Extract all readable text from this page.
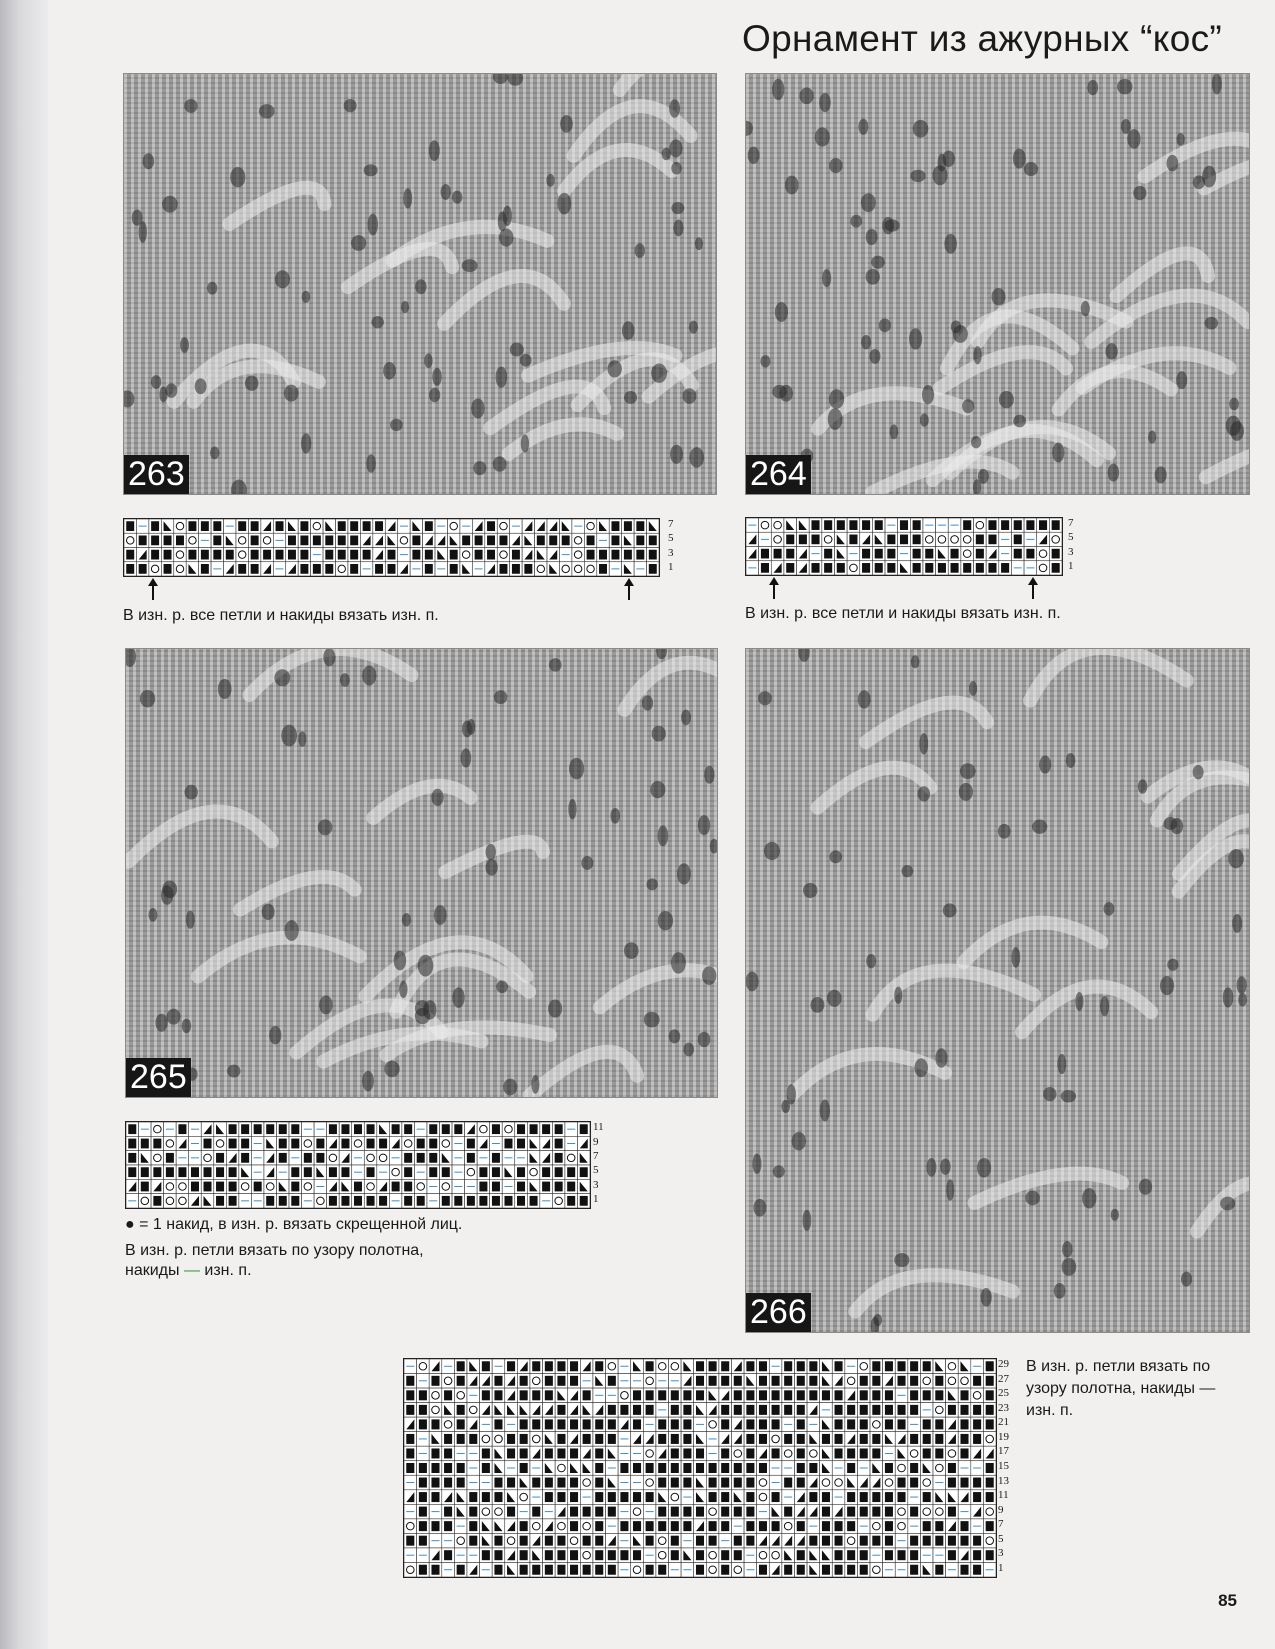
Орнамент из ажурных “кос”
263
7
5
3
1
В изн. р. все петли и накиды вязать изн. п.
264
7
5
3
1
В изн. р. все петли и накиды вязать изн. п.
265
11
9
7
5
3
1
● = 1 накид, в изн. р. вязать скрещенной лиц.
В изн. р. петли вязать по узору полотна,
накиды — изн. п.
266
29
27
25
23
21
19
17
15
13
11
9
7
5
3
1
В изн. р. петли вязать по
узору полотна, накиды —
изн. п.
85
